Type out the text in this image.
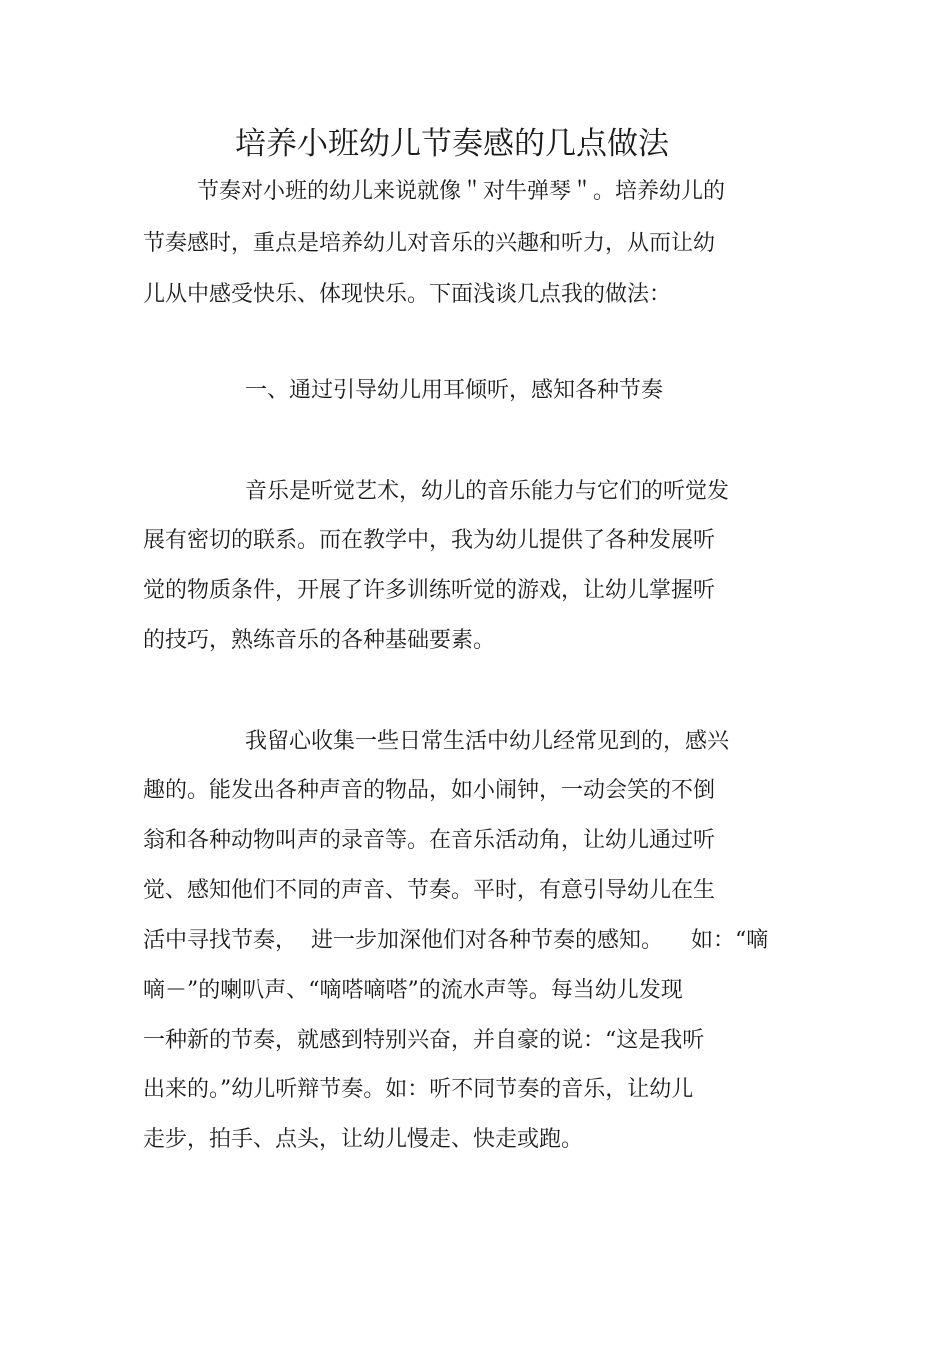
培养小班幼儿节奏感的几点做法
节奏对小班的幼儿来说就像＂对牛弹琴＂。培养幼儿的
节奏感时，重点是培养幼儿对音乐的兴趣和听力，从而让幼
儿从中感受快乐、体现快乐。下面浅谈几点我的做法：
一、通过引导幼儿用耳倾听，感知各种节奏
音乐是听觉艺术，幼儿的音乐能力与它们的听觉发
展有密切的联系。而在教学中，我为幼儿提供了各种发展听
觉的物质条件，开展了许多训练听觉的游戏，让幼儿掌握听
的技巧，熟练音乐的各种基础要素。
我留心收集一些日常生活中幼儿经常见到的，感兴
趣的。能发出各种声音的物品，如小闹钟，一动会笑的不倒
翁和各种动物叫声的录音等。在音乐活动角，让幼儿通过听
觉、感知他们不同的声音、节奏。平时，有意引导幼儿在生
活中寻找节奏，  进一步加深他们对各种节奏的感知。    如：“嘀
嘀－”的喇叭声、“嘀嗒嘀嗒”的流水声等。每当幼儿发现
一种新的节奏，就感到特别兴奋，并自豪的说：“这是我听
出来的。”幼儿听辩节奏。如：听不同节奏的音乐，让幼儿
走步，拍手、点头，让幼儿慢走、快走或跑。
